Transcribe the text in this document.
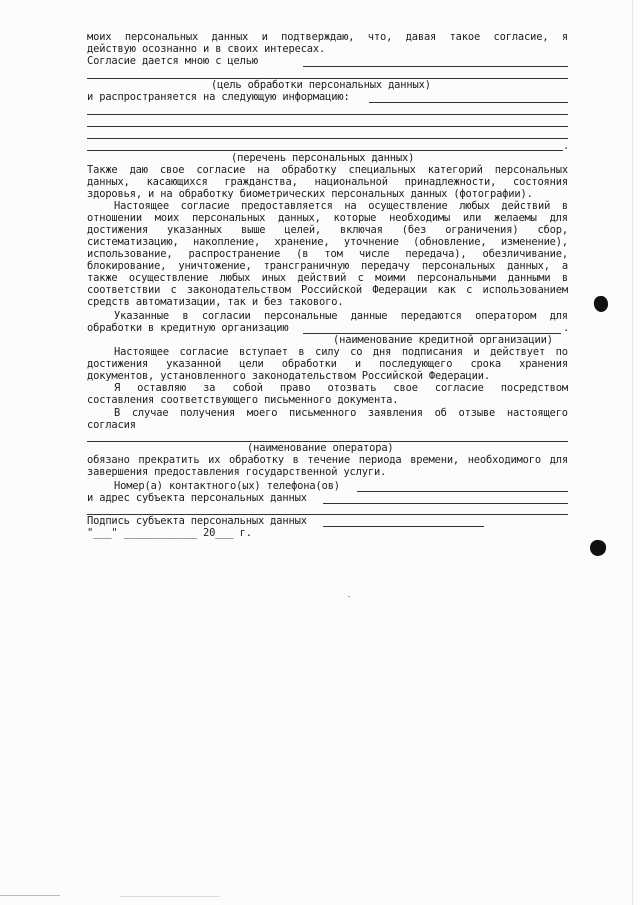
моих персональных данных и подтверждаю, что, давая такое согласие, я
действую осознанно и в своих интересах.
Согласие дается мною с целью
(цель обработки персональных данных)
и распространяется на следующую информацию:
.
(перечень персональных данных)
Также даю свое согласие на обработку специальных категорий персональных
данных, касающихся гражданства, национальной принадлежности, состояния
здоровья, и на обработку биометрических персональных данных (фотографии).
Настоящее согласие предоставляется на осуществление любых действий в
отношении моих персональных данных, которые необходимы или желаемы для
достижения указанных выше целей, включая (без ограничения) сбор,
систематизацию, накопление, хранение, уточнение (обновление, изменение),
использование, распространение (в том числе передача), обезличивание,
блокирование, уничтожение, трансграничную передачу персональных данных, а
также осуществление любых иных действий с моими персональными данными в
соответствии с законодательством Российской Федерации как с использованием
средств автоматизации, так и без такового.
Указанные в согласии персональные данные передаются оператором для
обработки в кредитную организацию	.
(наименование кредитной организации)
Настоящее согласие вступает в силу со дня подписания и действует по
достижения указанной цели обработки и последующего срока хранения
документов, установленного законодательством Российской Федерации.
Я оставляю за собой право отозвать свое согласие посредством
составления соответствующего письменного документа.
В случае получения моего письменного заявления об отзыве настоящего
согласия
(наименование оператора)
обязано прекратить их обработку в течение периода времени, необходимого для
завершения предоставления государственной услуги.
Номер(а) контактного(ых) телефона(ов)
и адрес субъекта персональных данных
Подпись субъекта персональных данных
"___" ____________ 20___ г.
